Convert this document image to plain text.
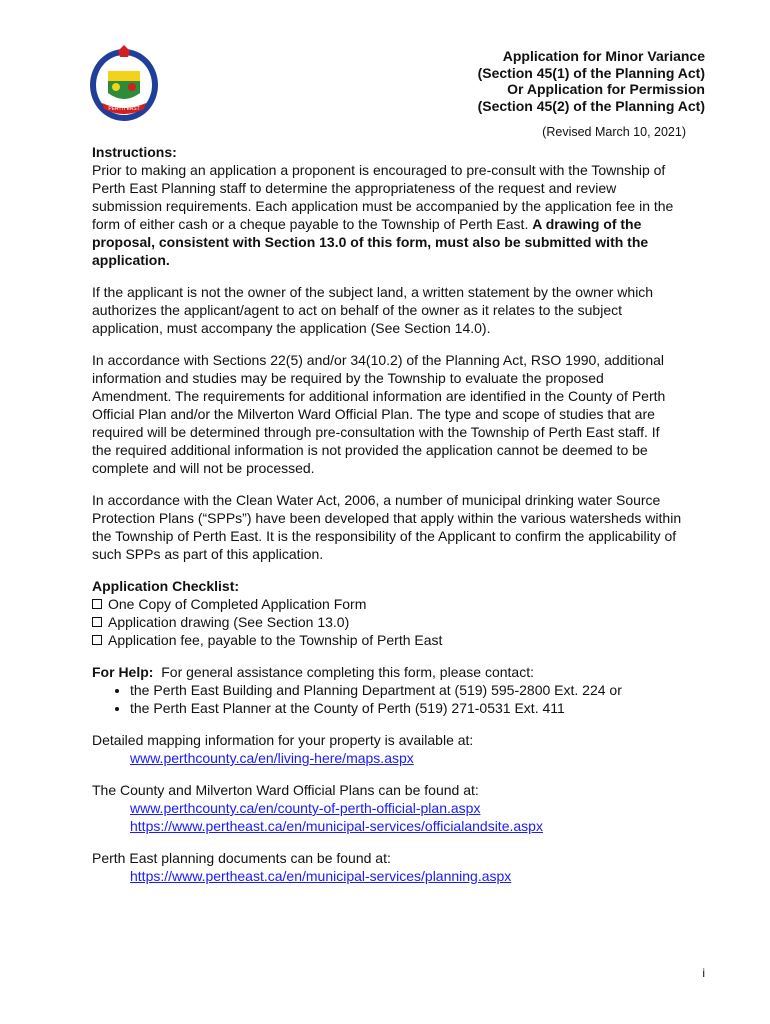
PERTH EAST
Application for Minor Variance
(Section 45(1) of the Planning Act)
Or Application for Permission
(Section 45(2) of the Planning Act)
(Revised March 10, 2021)

Instructions:

Prior to making an application a proponent is encouraged to pre-consult with the Township of Perth East Planning staff to determine the appropriateness of the request and review submission requirements. Each application must be accompanied by the application fee in the form of either cash or a cheque payable to the Township of Perth East. A drawing of the proposal, consistent with Section 13.0 of this form, must also be submitted with the application.

If the applicant is not the owner of the subject land, a written statement by the owner which authorizes the applicant/agent to act on behalf of the owner as it relates to the subject application, must accompany the application (See Section 14.0).

In accordance with Sections 22(5) and/or 34(10.2) of the Planning Act, RSO 1990, additional information and studies may be required by the Township to evaluate the proposed Amendment. The requirements for additional information are identified in the County of Perth Official Plan and/or the Milverton Ward Official Plan. The type and scope of studies that are required will be determined through pre-consultation with the Township of Perth East staff. If the required additional information is not provided the application cannot be deemed to be complete and will not be processed.

In accordance with the Clean Water Act, 2006, a number of municipal drinking water Source Protection Plans (“SPPs”) have been developed that apply within the various watersheds within the Township of Perth East. It is the responsibility of the Applicant to confirm the applicability of such SPPs as part of this application.

Application Checklist:

One Copy of Completed Application Form
Application drawing (See Section 13.0)
Application fee, payable to the Township of Perth East

For Help: For general assistance completing this form, please contact:

• the Perth East Building and Planning Department at (519) 595-2800 Ext. 224 or
• the Perth East Planner at the County of Perth (519) 271-0531 Ext. 411

Detailed mapping information for your property is available at:

www.perthcounty.ca/en/living-here/maps.aspx

The County and Milverton Ward Official Plans can be found at:

www.perthcounty.ca/en/county-of-perth-official-plan.aspx
https://www.pertheast.ca/en/municipal-services/officialandsite.aspx

Perth East planning documents can be found at:

https://www.pertheast.ca/en/municipal-services/planning.aspx
i
